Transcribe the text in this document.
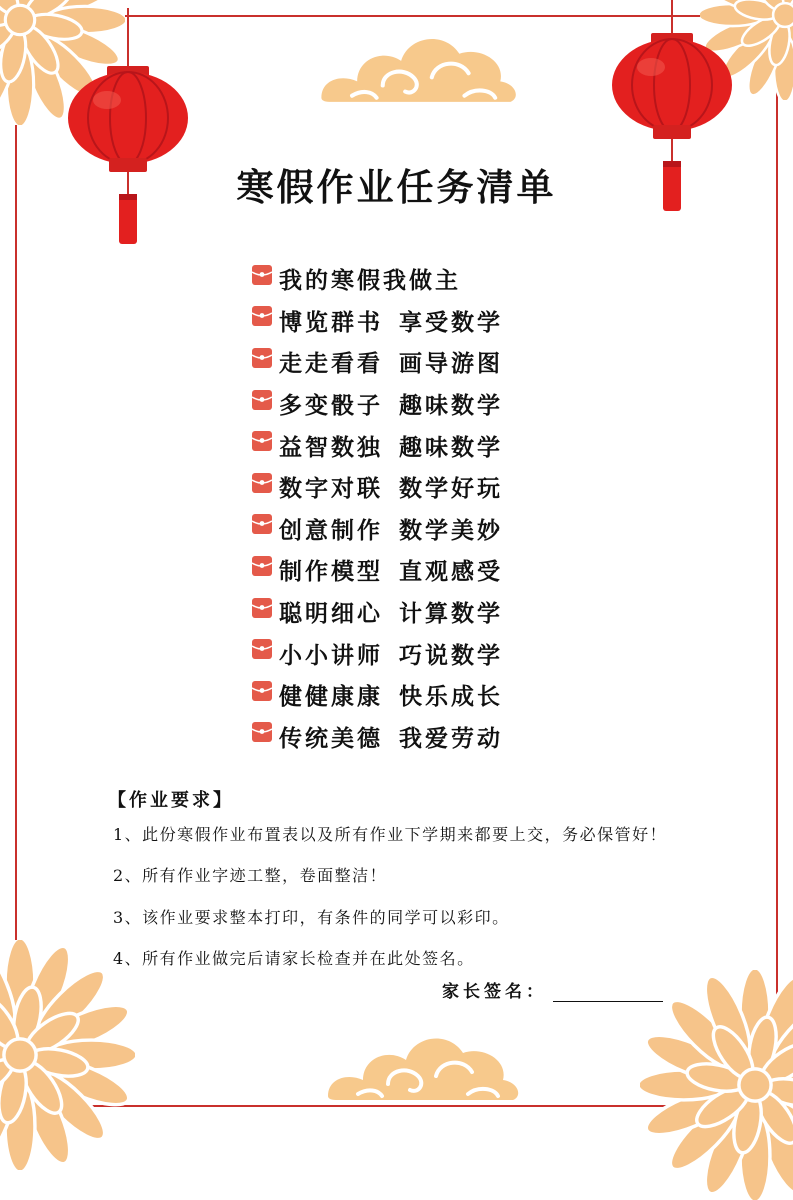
寒假作业任务清单
我的寒假我做主
博览群书 享受数学
走走看看 画导游图
多变骰子 趣味数学
益智数独 趣味数学
数字对联 数学好玩
创意制作 数学美妙
制作模型 直观感受
聪明细心 计算数学
小小讲师 巧说数学
健健康康 快乐成长
传统美德 我爱劳动
【作业要求】
1、此份寒假作业布置表以及所有作业下学期来都要上交，务必保管好！
2、所有作业字迹工整，卷面整洁！
3、该作业要求整本打印，有条件的同学可以彩印。
4、所有作业做完后请家长检查并在此处签名。
家长签名：
